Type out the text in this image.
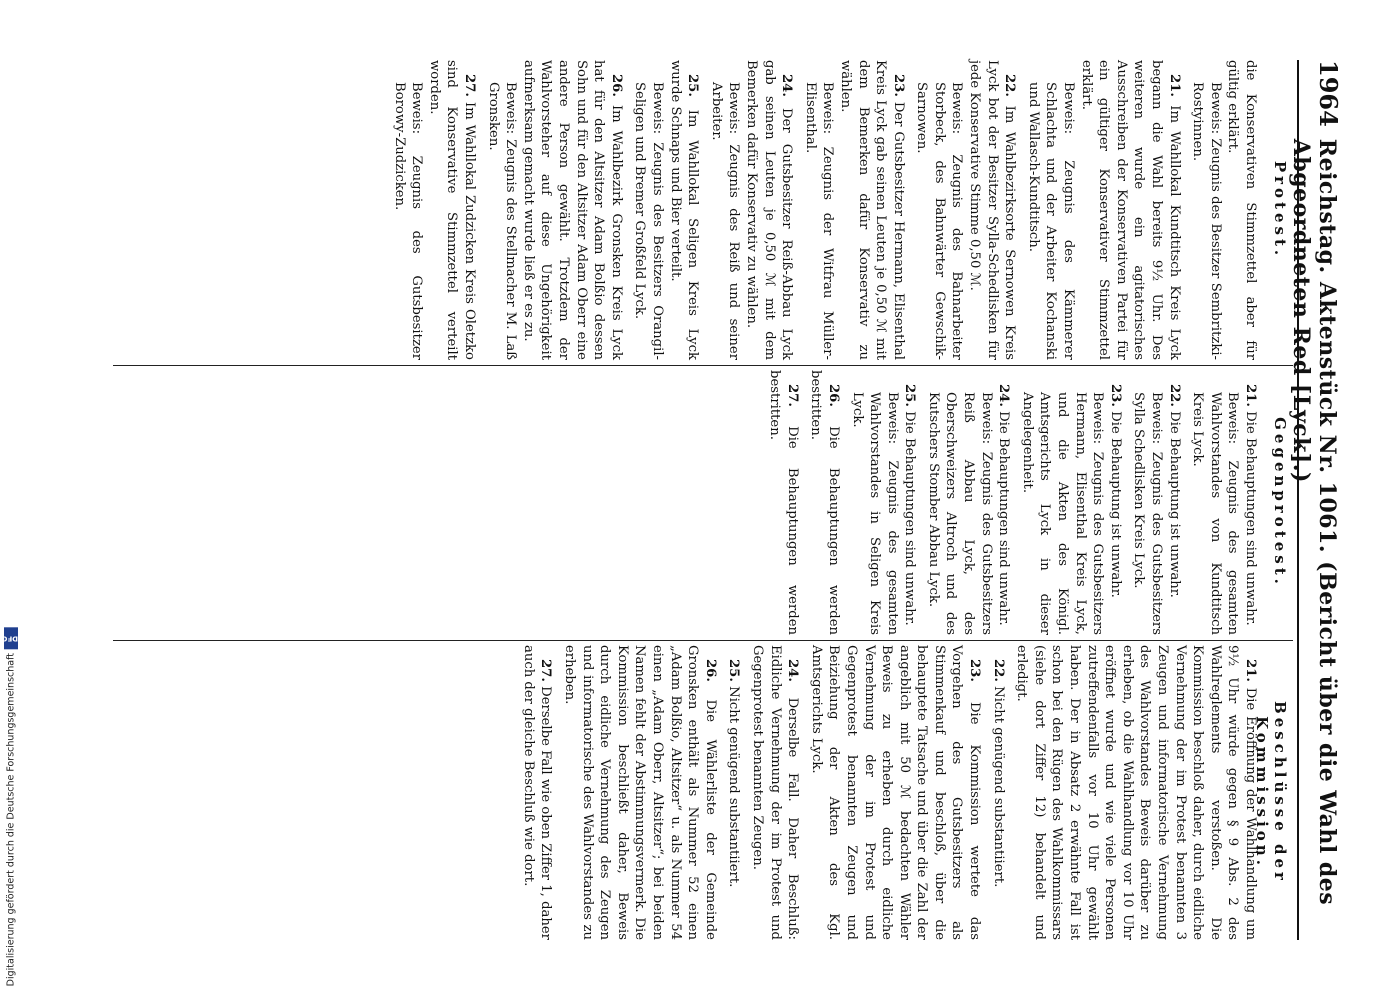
1964
Reichstag. Aktenstück Nr. 1061. (Bericht über die Wahl des Abgeordneten Red [Lyck].)
Protest.
Gegenprotest.
Beschlüsse der Kommission.
die Konservativen Stimmzettel aber für gültig erklärt.
Beweis: Zeugnis des Besitzer Sembritzki-Rostyinnen.

21. Im Wahllokal Kundtitsch Kreis Lyck begann die Wahl bereits 9½ Uhr. Des weiteren wurde ein agitatorisches Ausschreiben der Konservativen Partei für ein gültiger Konservativer Stimmzettel erklärt.

Beweis: Zeugnis des Kämmerer Schlachta und der Arbeiter Kochanski und Wallasch-Kundtitsch.

22. Im Wahlbezirksorte Sernowen Kreis Lyck bot der Besitzer Sylla-Schedlisken für jede Konservative Stimme 0,50 ℳ.

Beweis: Zeugnis des Bahnarbeiter Storbeck, des Bahnwärter Gewschik-Sarnowen.

23. Der Gutsbesitzer Hermann, Elisenthal Kreis Lyck gab seinen Leuten je 0,50 ℳ mit dem Bemerken dafür Konservativ zu wählen.

Beweis: Zeugnis der Witfrau Müller-Elisenthal.

24. Der Gutsbesitzer Reiß-Abbau Lyck gab seinen Leuten je 0,50 ℳ mit dem Bemerken dafür Konservativ zu wählen.

Beweis: Zeugnis des Reiß und seiner Arbeiter.

25. Im Wahllokal Seligen Kreis Lyck wurde Schnaps und Bier verteilt.

Beweis: Zeugnis des Besitzers Orangil-Seligen und Bremer Großfeld Lyck.

26. Im Wahlbezirk Gronsken Kreis Lyck hat für den Altsitzer Adam Bolßio dessen Sohn und für den Altsitzer Adam Oberr eine andere Person gewählt. Trotzdem der Wahlvorsteher auf diese Ungehörigkeit aufmerksam gemacht wurde ließ er es zu.

Beweis: Zeugnis des Stellmacher M. Laß Gronsken.

27. Im Wahllokal Zudzicken Kreis Oletzko sind Konservative Stimmzettel verteilt worden.

Beweis: Zeugnis des Gutsbesitzer Borowy-Zudzicken.

21. Die Behauptungen sind unwahr.

Beweis: Zeugnis des gesamten Wahlvorstandes von Kundtitsch Kreis Lyck.

22. Die Behauptung ist unwahr.

Beweis: Zeugnis des Gutsbesitzers Sylla Schedlisken Kreis Lyck.

23. Die Behauptung ist unwahr.

Beweis: Zeugnis des Gutsbesitzers Hermann, Elisenthal Kreis Lyck, und die Akten des Königl. Amtsgerichts Lyck in dieser Angelegenheit.

24. Die Behauptungen sind unwahr.

Beweis: Zeugnis des Gutsbesitzers Reiß Abbau Lyck, des Oberschweizers Altroch und des Kutschers Stomber Abbau Lyck.

25. Die Behauptungen sind unwahr.

Beweis: Zeugnis des gesamten Wahlvorstandes in Seligen Kreis Lyck.

26. Die Behauptungen werden bestritten.

27. Die Behauptungen werden bestritten.

21. Die Eröffnung der Wahlhandlung um 9½ Uhr würde gegen § 9 Abs. 2 des Wahlreglements verstoßen. Die Kommission beschloß daher, durch eidliche Vernehmung der im Protest benannten 3 Zeugen und informatorische Vernehmung des Wahlvorstandes Beweis darüber zu erheben, ob die Wahlhandlung vor 10 Uhr eröffnet wurde und wie viele Personen zutreffendenfalls vor 10 Uhr gewählt haben. Der in Absatz 2 erwähnte Fall ist schon bei den Rügen des Wahlkommissars (siehe dort Ziffer 12) behandelt und erledigt.

22. Nicht genügend substantiiert.

23. Die Kommission wertete das Vorgehen des Gutsbesitzers als Stimmenkauf und beschloß, über die behauptete Tatsache und über die Zahl der angeblich mit 50 ℳ bedachten Wähler Beweis zu erheben durch eidliche Vernehmung der im Protest und Gegenprotest benannten Zeugen und Beiziehung der Akten des Kgl. Amtsgerichts Lyck.

24. Derselbe Fall. Daher Beschluß: Eidliche Vernehmung der im Protest und Gegenprotest benannten Zeugen.

25. Nicht genügend substantiiert.

26. Die Wählerliste der Gemeinde Gronsken enthält als Nummer 52 einen „Adam Bolßio, Altsitzer“ u. als Nummer 54 einen „Adam Oberr, Altsitzer“; bei beiden Namen fehlt der Abstimmungsvermerk. Die Kommission beschließt daher, Beweis durch eidliche Vernehmung des Zeugen und informatorische des Wahlvorstandes zu erheben.

27. Derselbe Fall wie oben Ziffer 1, daher auch der gleiche Beschluß wie dort.

Digitalisierung gefördert durch die Deutsche Forschungsgemeinschaft
DFG
